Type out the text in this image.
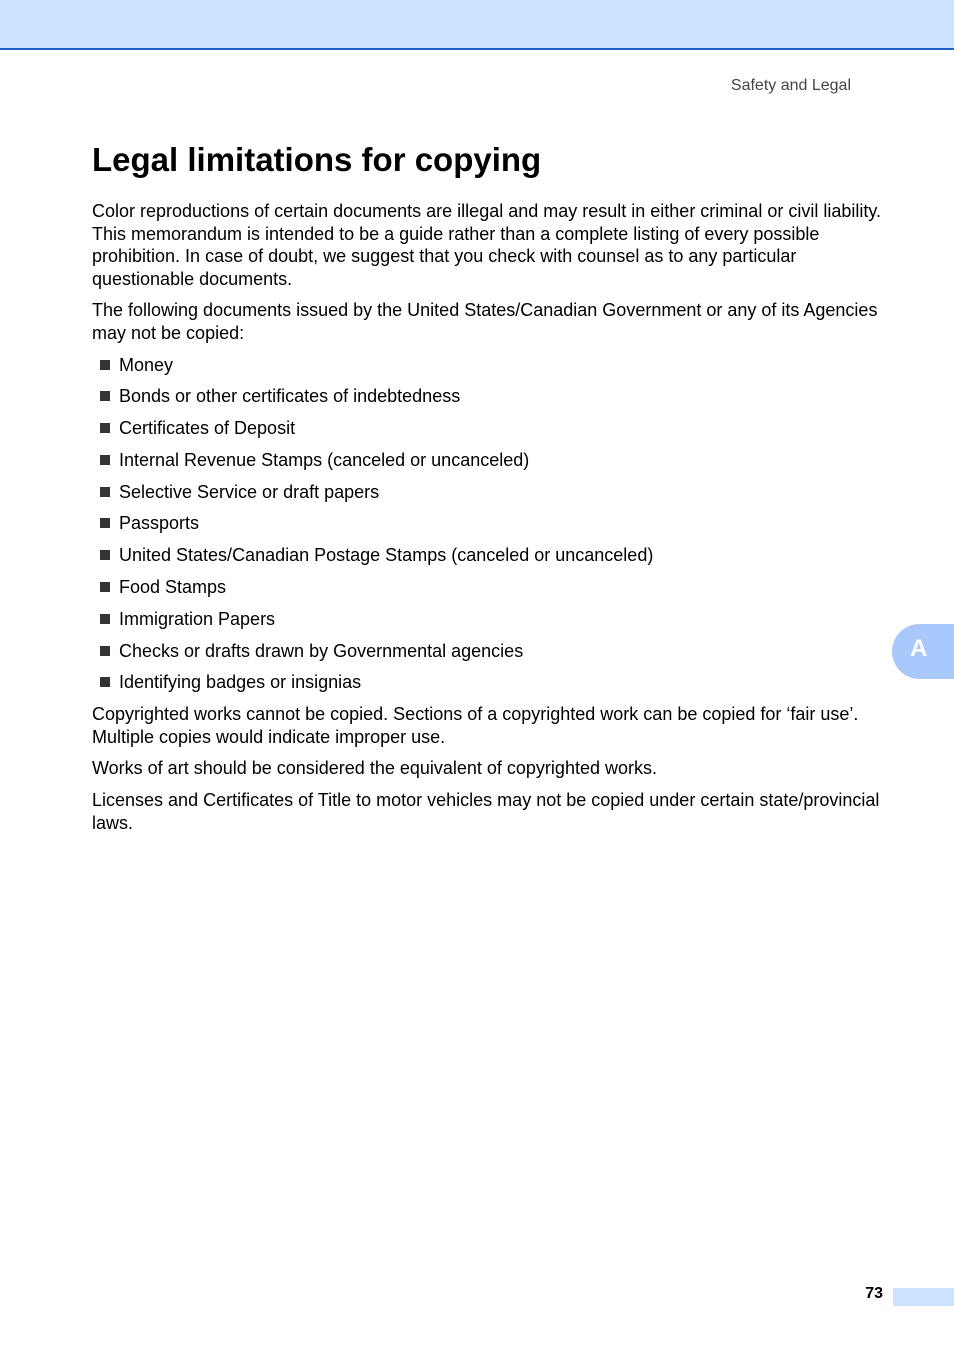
Safety and Legal
Legal limitations for copying

Color reproductions of certain documents are illegal and may result in either criminal or civil liability. This memorandum is intended to be a guide rather than a complete listing of every possible prohibition. In case of doubt, we suggest that you check with counsel as to any particular questionable documents.

The following documents issued by the United States/Canadian Government or any of its Agencies may not be copied:

Money
Bonds or other certificates of indebtedness
Certificates of Deposit
Internal Revenue Stamps (canceled or uncanceled)
Selective Service or draft papers
Passports
United States/Canadian Postage Stamps (canceled or uncanceled)
Food Stamps
Immigration Papers
Checks or drafts drawn by Governmental agencies
Identifying badges or insignias

Copyrighted works cannot be copied. Sections of a copyrighted work can be copied for ‘fair use’. Multiple copies would indicate improper use.

Works of art should be considered the equivalent of copyrighted works.

Licenses and Certificates of Title to motor vehicles may not be copied under certain state/provincial laws.

A
73
